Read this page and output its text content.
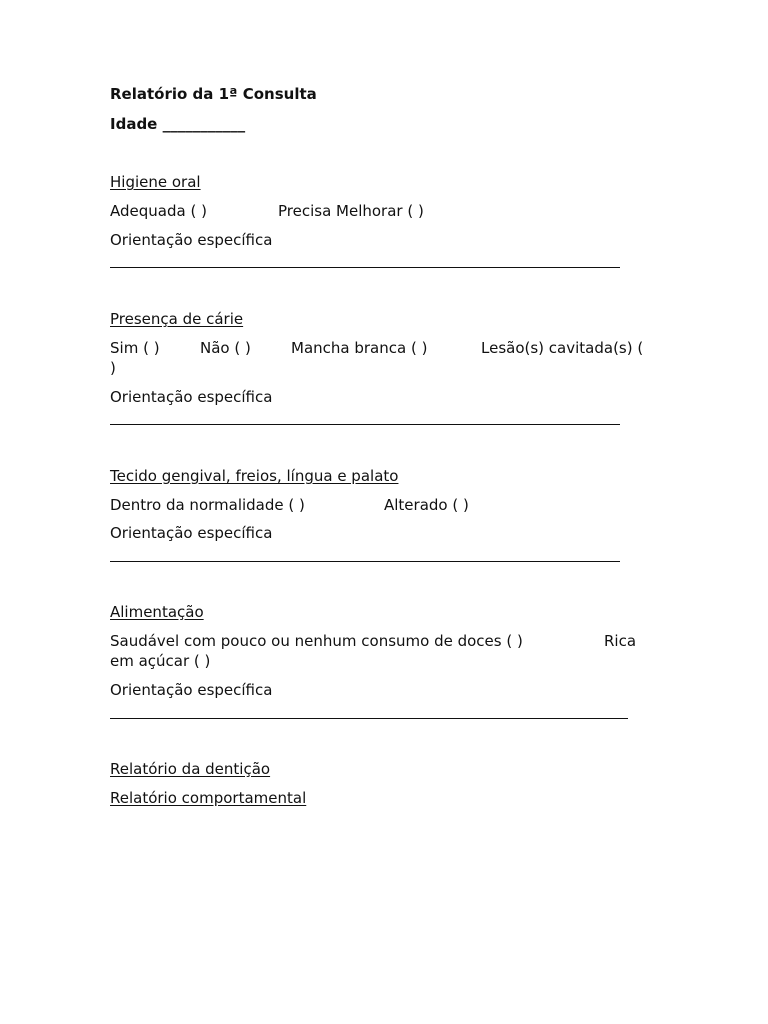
Relatório da 1ª Consulta
Idade ___________
Higiene oral
Adequada ( )	Precisa Melhorar ( )
Orientação específica
Presença de cárie
Sim ( )	Não ( )	Mancha branca ( )	Lesão(s) cavitada(s) (
)
Orientação específica
Tecido gengival, freios, língua e palato
Dentro da normalidade ( )	Alterado ( )
Orientação específica
Alimentação
Saudável com pouco ou nenhum consumo de doces ( )	Rica
em açúcar ( )
Orientação específica
Relatório da dentição
Relatório comportamental
